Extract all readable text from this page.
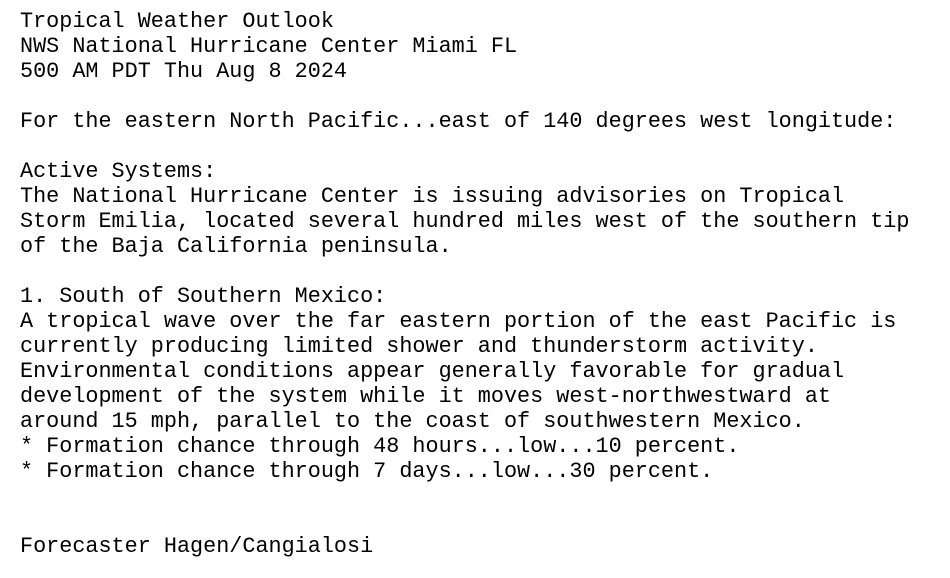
Tropical Weather Outlook
NWS National Hurricane Center Miami FL
500 AM PDT Thu Aug 8 2024
For the eastern North Pacific...east of 140 degrees west longitude:
Active Systems:
The National Hurricane Center is issuing advisories on Tropical
Storm Emilia, located several hundred miles west of the southern tip
of the Baja California peninsula.
1. South of Southern Mexico:
A tropical wave over the far eastern portion of the east Pacific is
currently producing limited shower and thunderstorm activity.
Environmental conditions appear generally favorable for gradual
development of the system while it moves west-northwestward at
around 15 mph, parallel to the coast of southwestern Mexico.
* Formation chance through 48 hours...low...10 percent.
* Formation chance through 7 days...low...30 percent.
Forecaster Hagen/Cangialosi
